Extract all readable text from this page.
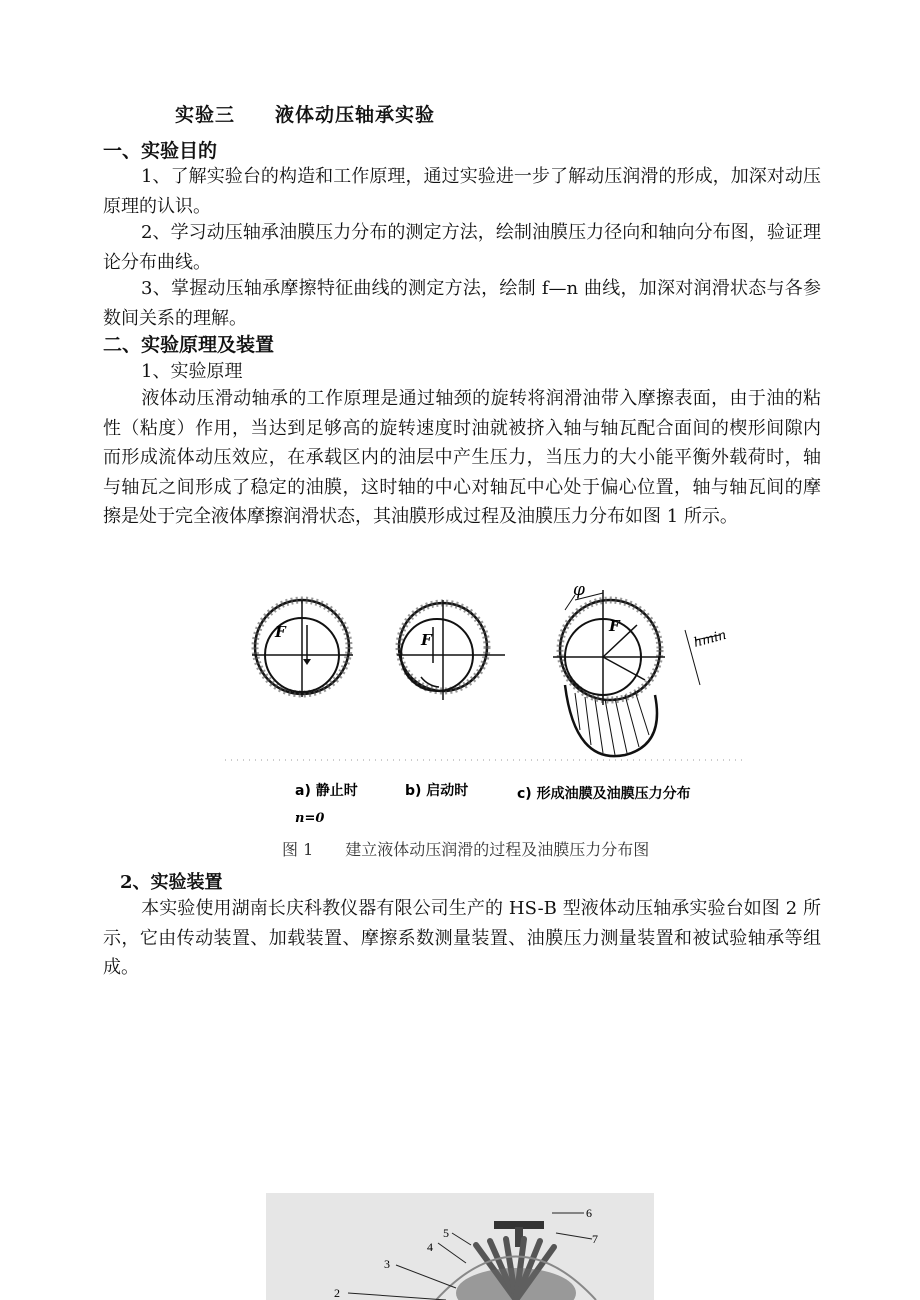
实验三　　液体动压轴承实验
一、实验目的
1、了解实验台的构造和工作原理，通过实验进一步了解动压润滑的形成，加深对动压原理的认识。
2、学习动压轴承油膜压力分布的测定方法，绘制油膜压力径向和轴向分布图，验证理论分布曲线。
3、掌握动压轴承摩擦特征曲线的测定方法，绘制 f—n 曲线，加深对润滑状态与各参数间关系的理解。
二、实验原理及装置
1、实验原理
液体动压滑动轴承的工作原理是通过轴颈的旋转将润滑油带入摩擦表面，由于油的粘性（粘度）作用，当达到足够高的旋转速度时油就被挤入轴与轴瓦配合面间的楔形间隙内而形成流体动压效应，在承载区内的油层中产生压力，当压力的大小能平衡外载荷时，轴与轴瓦之间形成了稳定的油膜，这时轴的中心对轴瓦中心处于偏心位置，轴与轴瓦间的摩擦是处于完全液体摩擦润滑状态，其油膜形成过程及油膜压力分布如图 1 所示。
F	F
F
φ
hmin
a) 静止时
n=0
b) 启动时	c) 形成油膜及油膜压力分布
图 1　　建立液体动压润滑的过程及油膜压力分布图
2、实验装置
本实验使用湖南长庆科教仪器有限公司生产的 HS-B 型液体动压轴承实验台如图 2 所示，它由传动装置、加载装置、摩擦系数测量装置、油膜压力测量装置和被试验轴承等组成。
6
7
5
4
3
2
